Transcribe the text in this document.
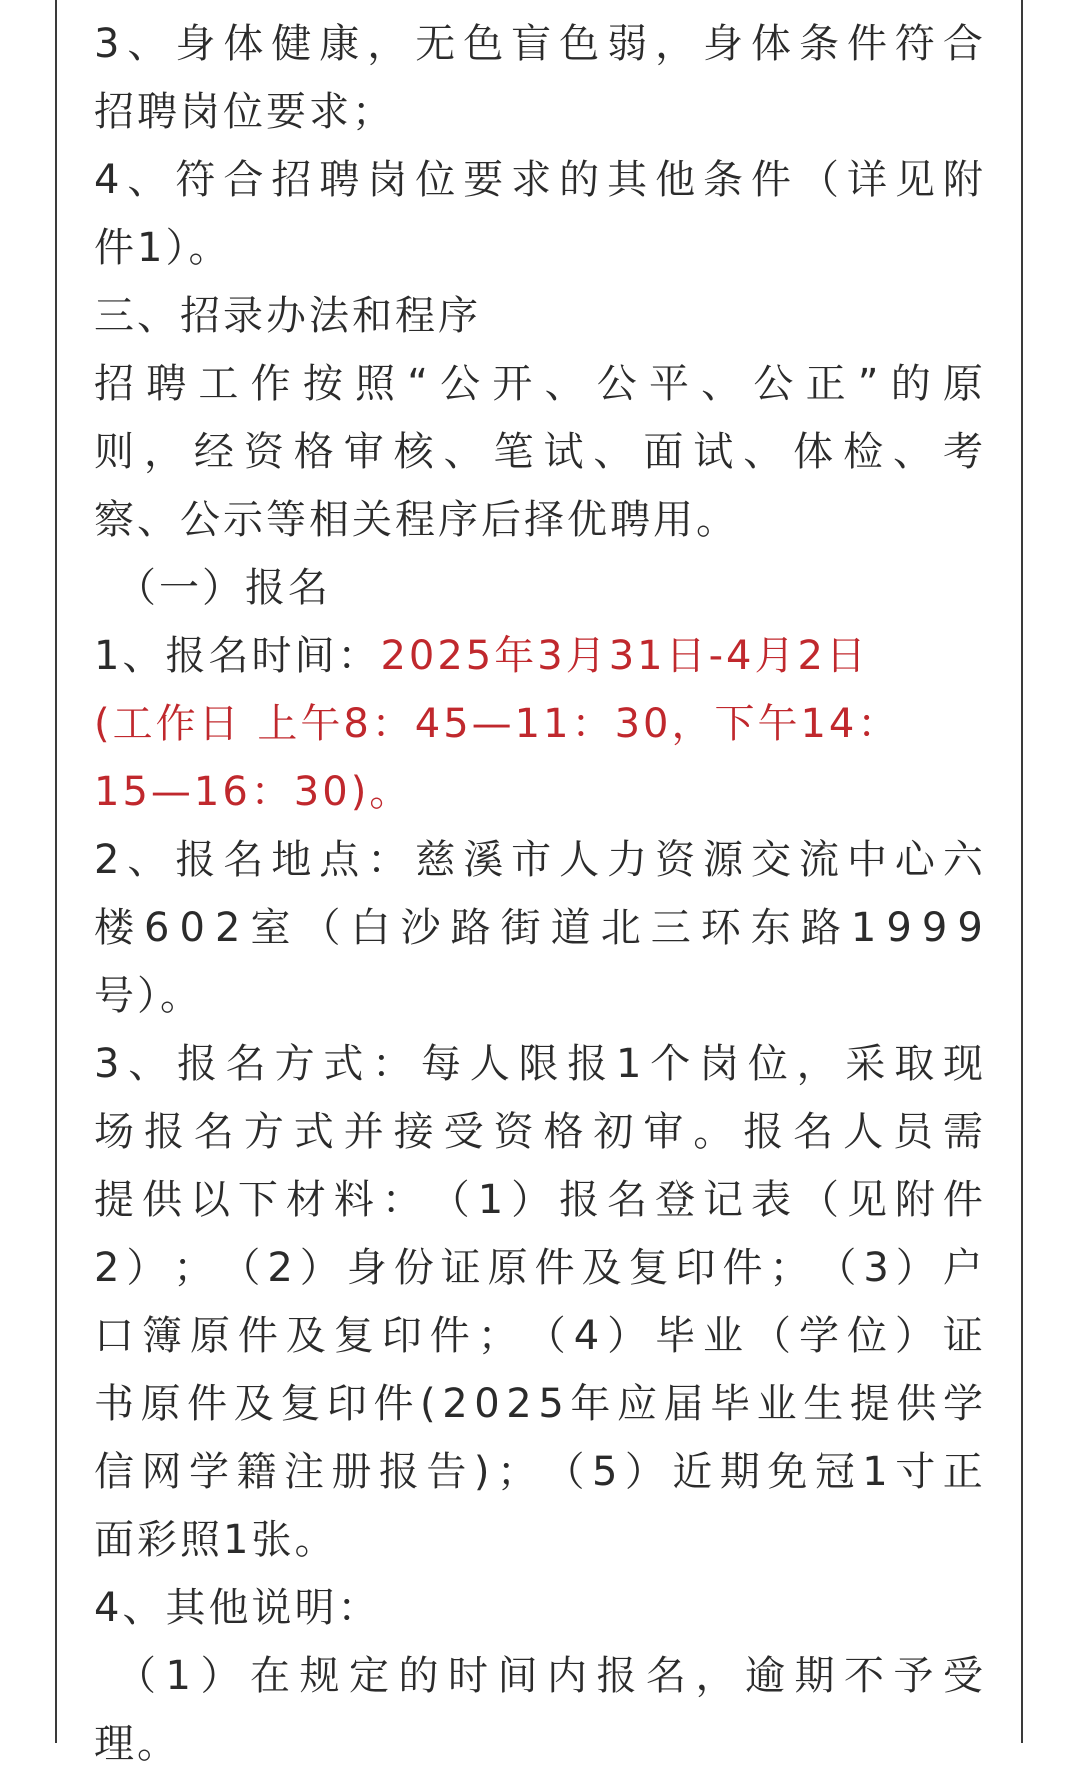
3 、 身 体 健 康 ， 无 色 盲 色 弱 ， 身 体 条 件 符 合
招聘岗位要求；
4 、 符 合 招 聘 岗 位 要 求 的 其 他 条 件 （ 详 见 附
件1）。
三、招录办法和程序
招 聘 工 作 按 照 “ 公 开 、 公 平 、 公 正 ” 的 原
则 ， 经 资 格 审 核 、 笔 试 、 面 试 、 体 检 、 考
察、公示等相关程序后择优聘用。
（一）报名
1、报名时间：2025年3月31日-4月2日
(工作日 上午8：45—11：30，下午14：
15—16：30)。
2 、 报 名 地 点 ： 慈 溪 市 人 力 资 源 交 流 中 心 六
楼 6 0 2 室 （ 白 沙 路 街 道 北 三 环 东 路 1 9 9 9
号）。
3 、 报 名 方 式 ： 每 人 限 报 1 个 岗 位 ， 采 取 现
场 报 名 方 式 并 接 受 资 格 初 审 。 报 名 人 员 需
提 供 以 下 材 料 ： （ 1 ） 报 名 登 记 表 （ 见 附 件
2 ） ； （ 2 ） 身 份 证 原 件 及 复 印 件 ； （ 3 ） 户
口 簿 原 件 及 复 印 件 ； （ 4 ） 毕 业 （ 学 位 ） 证
书 原 件 及 复 印 件 ( 2 0 2 5 年 应 届 毕 业 生 提 供 学
信 网 学 籍 注 册 报 告 ) ； （ 5 ） 近 期 免 冠 1 寸 正
面彩照1张。
4、其他说明：
（ 1 ） 在 规 定 的 时 间 内 报 名 ， 逾 期 不 予 受
理。
